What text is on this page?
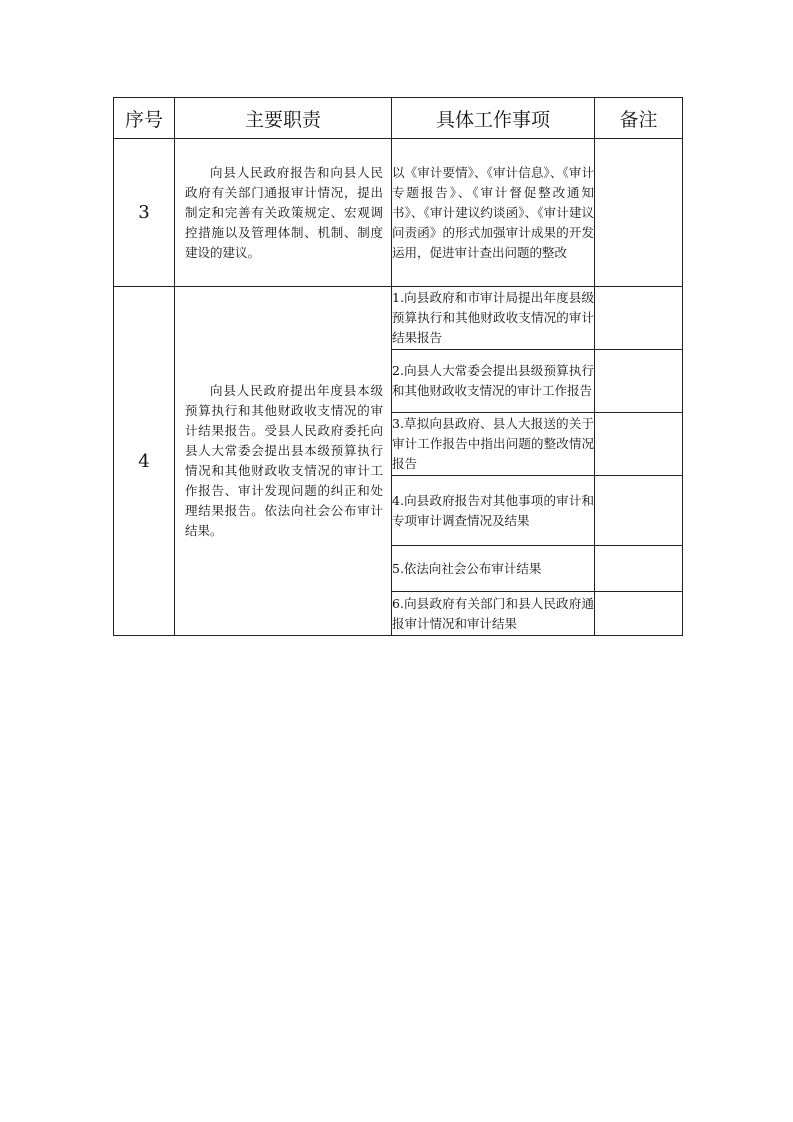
序号	主要职责	具体工作事项	备注
3	向县人民政府报告和向县人民政府有关部门通报审计情况，提出制定和完善有关政策规定、宏观调控措施以及管理体制、机制、制度建设的建议。	以《审计要情》、《审计信息》、《审计专题报告》、《审计督促整改通知书》、《审计建议约谈函》、《审计建议问责函》的形式加强审计成果的开发运用，促进审计查出问题的整改	
4	向县人民政府提出年度县本级预算执行和其他财政收支情况的审计结果报告。受县人民政府委托向县人大常委会提出县本级预算执行情况和其他财政收支情况的审计工作报告、审计发现问题的纠正和处理结果报告。依法向社会公布审计结果。	1.向县政府和市审计局提出年度县级预算执行和其他财政收支情况的审计结果报告	
		2.向县人大常委会提出县级预算执行和其他财政收支情况的审计工作报告	
		3.草拟向县政府、县人大报送的关于审计工作报告中指出问题的整改情况报告	
		4.向县政府报告对其他事项的审计和专项审计调查情况及结果	
		5.依法向社会公布审计结果	
		6.向县政府有关部门和县人民政府通报审计情况和审计结果	
